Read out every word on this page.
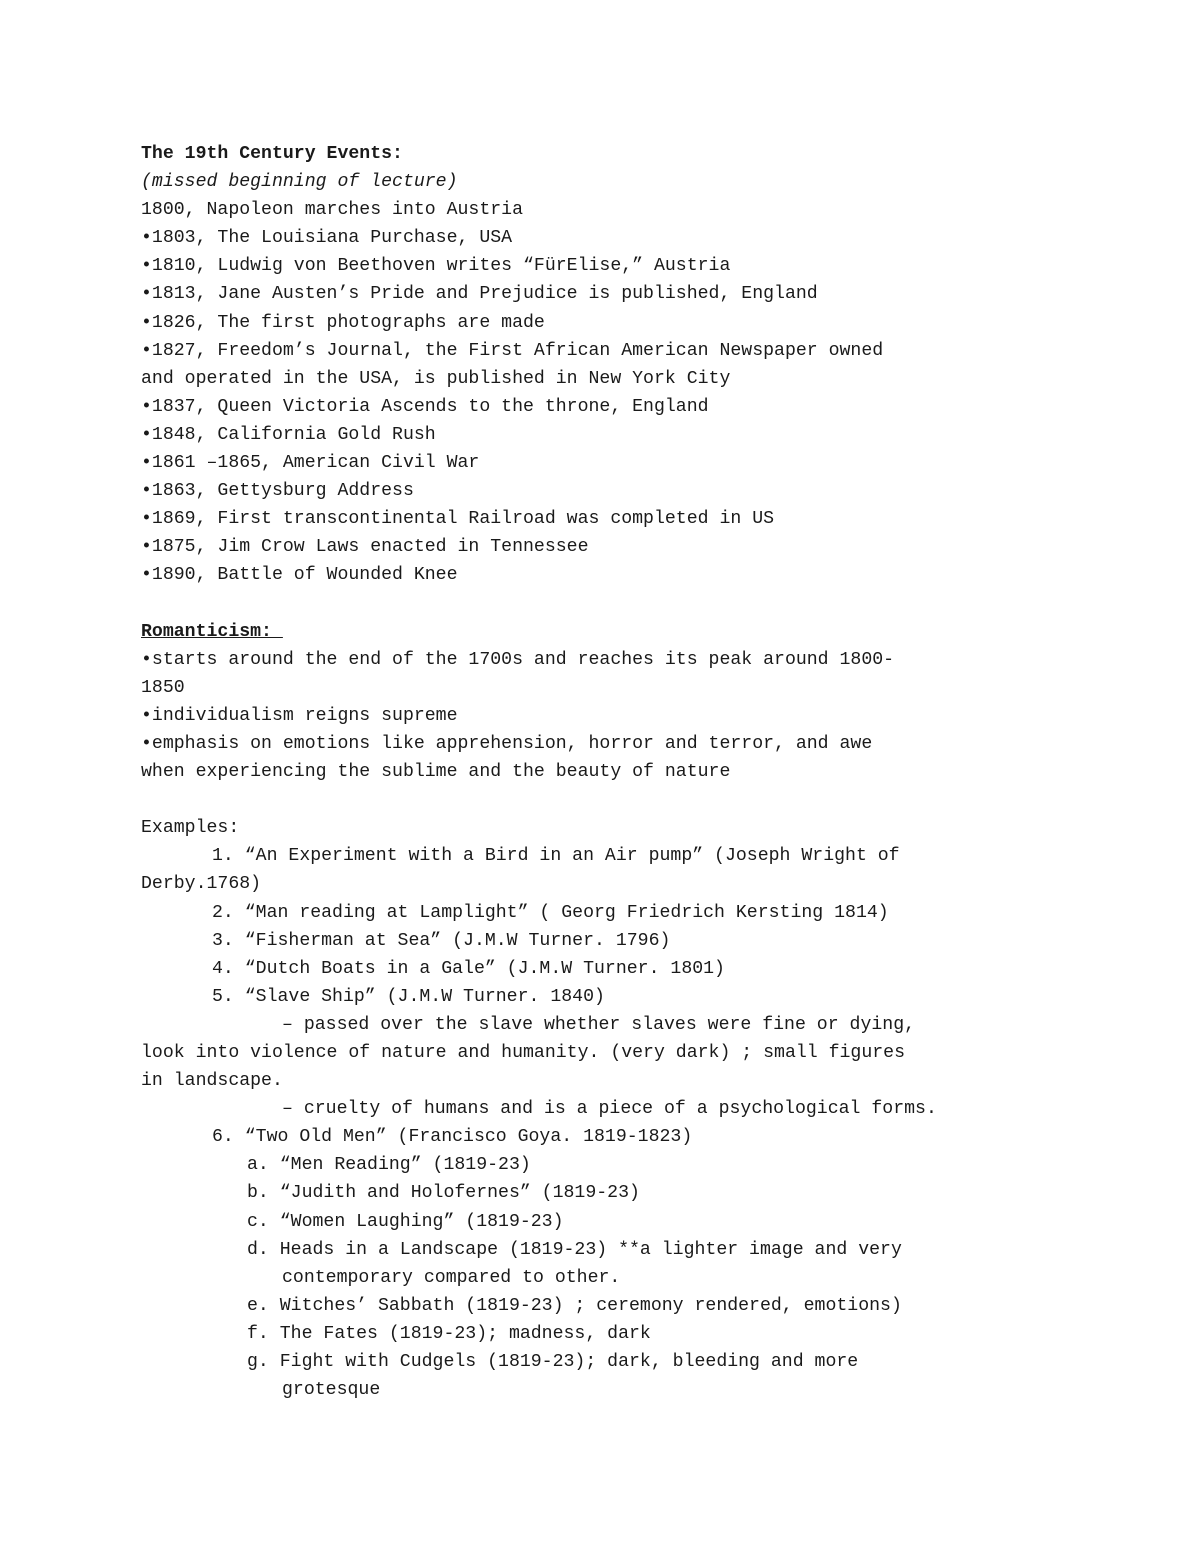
The 19th Century Events:
(missed beginning of lecture)
1800, Napoleon marches into Austria
•1803, The Louisiana Purchase, USA
•1810, Ludwig von Beethoven writes “FürElise,” Austria
•1813, Jane Austen’s Pride and Prejudice is published, England
•1826, The first photographs are made
•1827, Freedom’s Journal, the First African American Newspaper owned
and operated in the USA, is published in New York City
•1837, Queen Victoria Ascends to the throne, England
•1848, California Gold Rush
•1861 –1865, American Civil War
•1863, Gettysburg Address
•1869, First transcontinental Railroad was completed in US
•1875, Jim Crow Laws enacted in Tennessee
•1890, Battle of Wounded Knee
Romanticism:
•starts around the end of the 1700s and reaches its peak around 1800-
1850
•individualism reigns supreme
•emphasis on emotions like apprehension, horror and terror, and awe
when experiencing the sublime and the beauty of nature
Examples:
1. “An Experiment with a Bird in an Air pump” (Joseph Wright of
Derby.1768)
2. “Man reading at Lamplight” ( Georg Friedrich Kersting 1814)
3. “Fisherman at Sea” (J.M.W Turner. 1796)
4. “Dutch Boats in a Gale” (J.M.W Turner. 1801)
5. “Slave Ship” (J.M.W Turner. 1840)
– passed over the slave whether slaves were fine or dying,
look into violence of nature and humanity. (very dark) ; small figures
in landscape.
– cruelty of humans and is a piece of a psychological forms.
6. “Two Old Men” (Francisco Goya. 1819-1823)
a. “Men Reading” (1819-23)
b. “Judith and Holofernes” (1819-23)
c. “Women Laughing” (1819-23)
d. Heads in a Landscape (1819-23) **a lighter image and very
contemporary compared to other.
e. Witches’ Sabbath (1819-23) ; ceremony rendered, emotions)
f. The Fates (1819-23); madness, dark
g. Fight with Cudgels (1819-23); dark, bleeding and more
grotesque
